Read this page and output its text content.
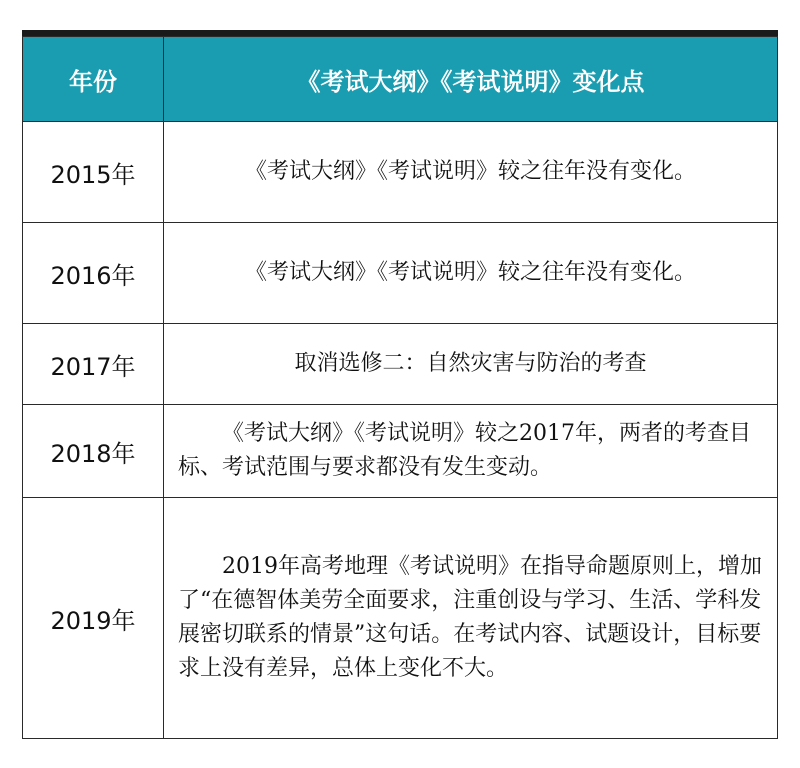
年份	《考试大纲》《考试说明》变化点
2015年	《考试大纲》《考试说明》较之往年没有变化。
2016年	《考试大纲》《考试说明》较之往年没有变化。
2017年	取消选修二：自然灾害与防治的考查
2018年	《考试大纲》《考试说明》较之2017年，两者的考查目标、考试范围与要求都没有发生变动。
2019年	2019年高考地理《考试说明》在指导命题原则上，增加了“在德智体美劳全面要求，注重创设与学习、生活、学科发展密切联系的情景”这句话。在考试内容、试题设计，目标要求上没有差异，总体上变化不大。
